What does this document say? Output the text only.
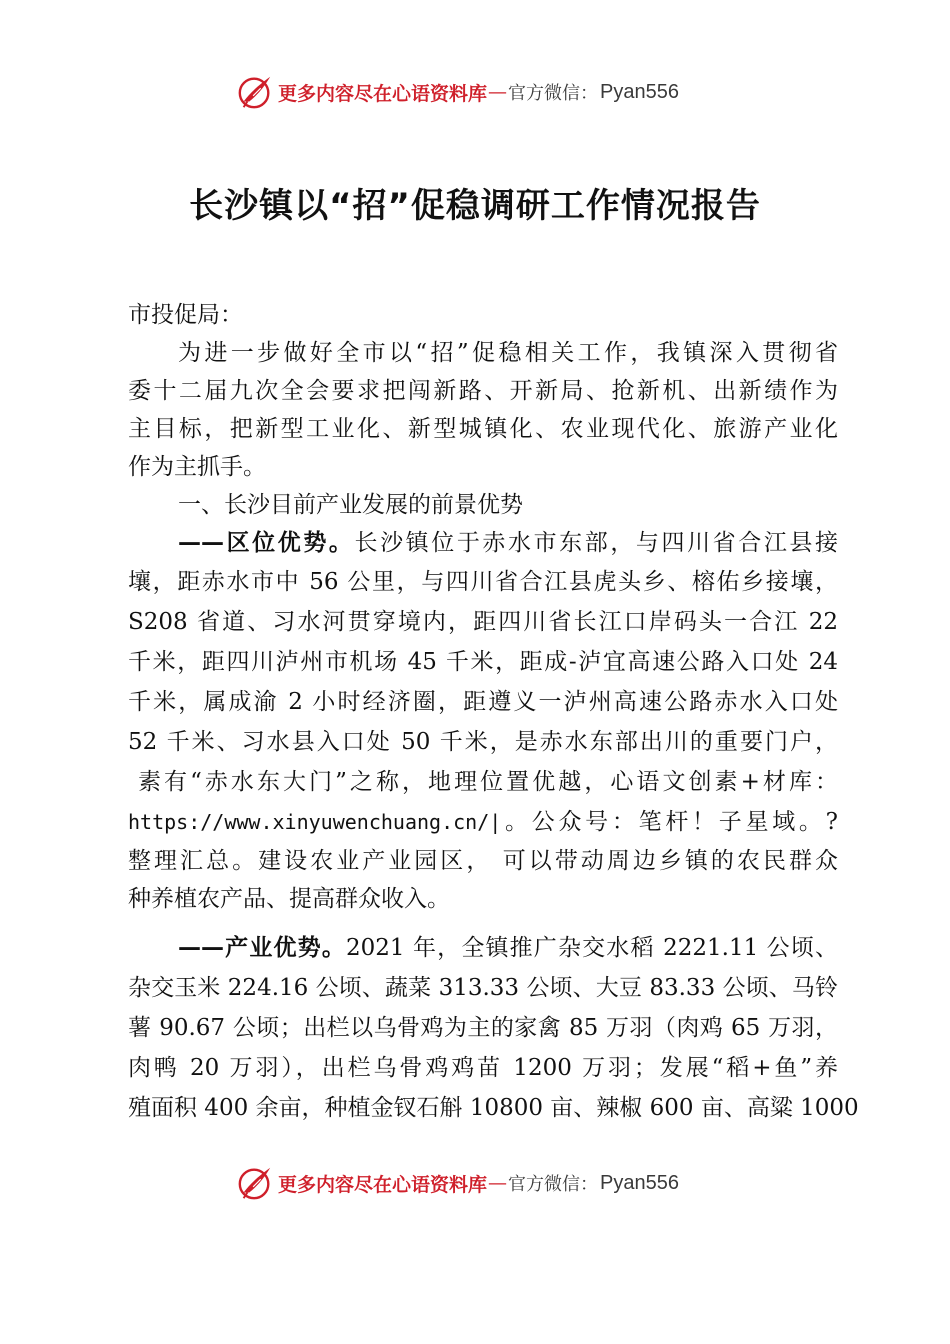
更多内容尽在心语资料库 — 官方微信： Pyan556
长沙镇以“招”促稳调研工作情况报告
市投促局：
为进一步做好全市以“招”促稳相关工作，我镇深入贯彻省
委十二届九次全会要求把闯新路、开新局、抢新机、出新绩作为
主目标，把新型工业化、新型城镇化、农业现代化、旅游产业化
作为主抓手。
一、长沙目前产业发展的前景优势
——区位优势。长沙镇位于赤水市东部，与四川省合江县接
壤，距赤水市中 56 公里，与四川省合江县虎头乡、榕佑乡接壤，
S208 省道、习水河贯穿境内，距四川省长江口岸码头一合江 22
千米，距四川泸州市机场 45 千米，距成-泸宜高速公路入口处 24
千米，属成渝 2 小时经济圈，距遵义一泸州高速公路赤水入口处
52 千米、习水县入口处 50 千米，是赤水东部出川的重要门户，
素有“赤水东大门”之称，地理位置优越，心语文创素+材库：
https://www.xinyuwenchuang.cn/|。公众号：笔杆！子星域。?
整理汇总。建设农业产业园区， 可以带动周边乡镇的农民群众
种养植农产品、提高群众收入。
——产业优势。2021 年，全镇推广杂交水稻 2221.11 公顷、
杂交玉米 224.16 公顷、蔬菜 313.33 公顷、大豆 83.33 公顷、马铃
薯 90.67 公顷；出栏以乌骨鸡为主的家禽 85 万羽（肉鸡 65 万羽，
肉鸭 20 万羽），出栏乌骨鸡鸡苗 1200 万羽；发展“稻+鱼”养
殖面积 400 余亩，种植金钗石斛 10800 亩、辣椒 600 亩、高粱 1000
更多内容尽在心语资料库 — 官方微信： Pyan556
